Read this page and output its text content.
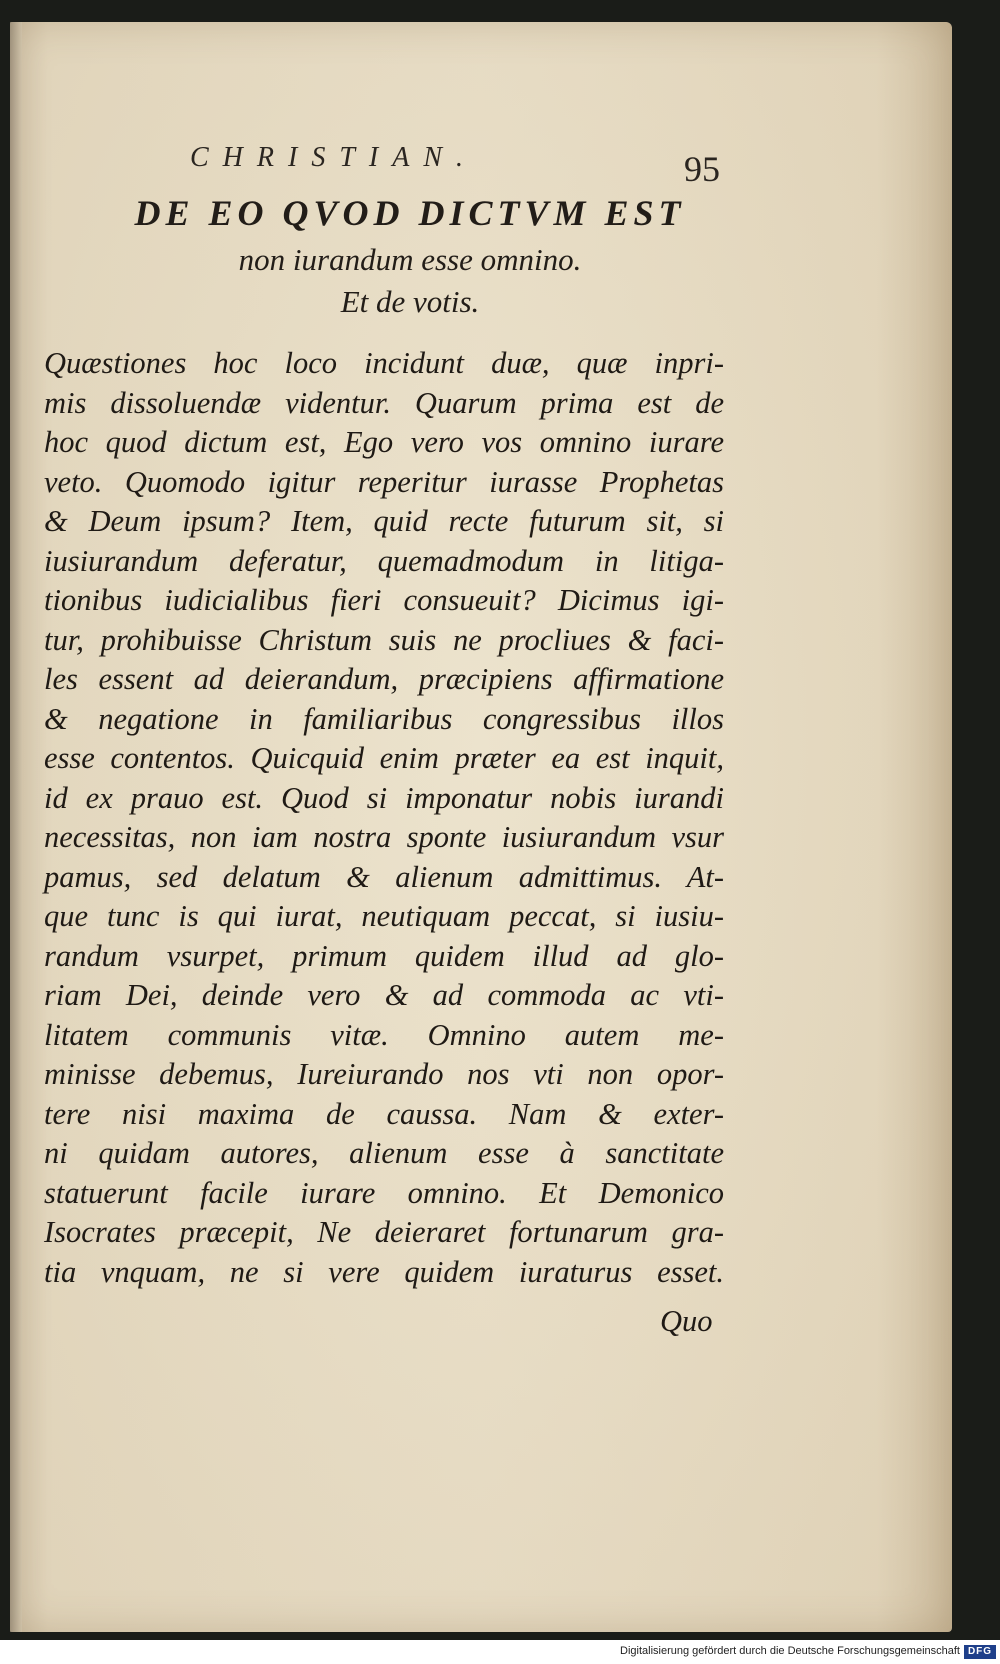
CHRISTIAN.	95
DE EO QVOD DICTVM EST
non iurandum esse omnino.
Et de votis.
Quæstiones hoc loco incidunt duæ, quæ inpri-
mis dissoluendæ videntur. Quarum prima est de
hoc quod dictum est, Ego vero vos omnino iurare
veto. Quomodo igitur reperitur iurasse Prophetas
& Deum ipsum? Item, quid recte futurum sit, si
iusiurandum deferatur, quemadmodum in litiga-
tionibus iudicialibus fieri consueuit? Dicimus igi-
tur, prohibuisse Christum suis ne procliues & faci-
les essent ad deierandum, præcipiens affirmatione
& negatione in familiaribus congressibus illos
esse contentos. Quicquid enim præter ea est inquit,
id ex prauo est. Quod si imponatur nobis iurandi
necessitas, non iam nostra sponte iusiurandum vsur
pamus, sed delatum & alienum admittimus. At-
que tunc is qui iurat, neutiquam peccat, si iusiu-
randum vsurpet, primum quidem illud ad glo-
riam Dei, deinde vero & ad commoda ac vti-
litatem communis vitæ. Omnino autem me-
minisse debemus, Iureiurando nos vti non opor-
tere nisi maxima de caussa. Nam & exter-
ni quidam autores, alienum esse à sanctitate
statuerunt facile iurare omnino. Et Demonico
Isocrates præcepit, Ne deieraret fortunarum gra-
tia vnquam, ne si vere quidem iuraturus esset.
Quo
Digitalisierung gefördert durch die Deutsche Forschungsgemeinschaft DFG
